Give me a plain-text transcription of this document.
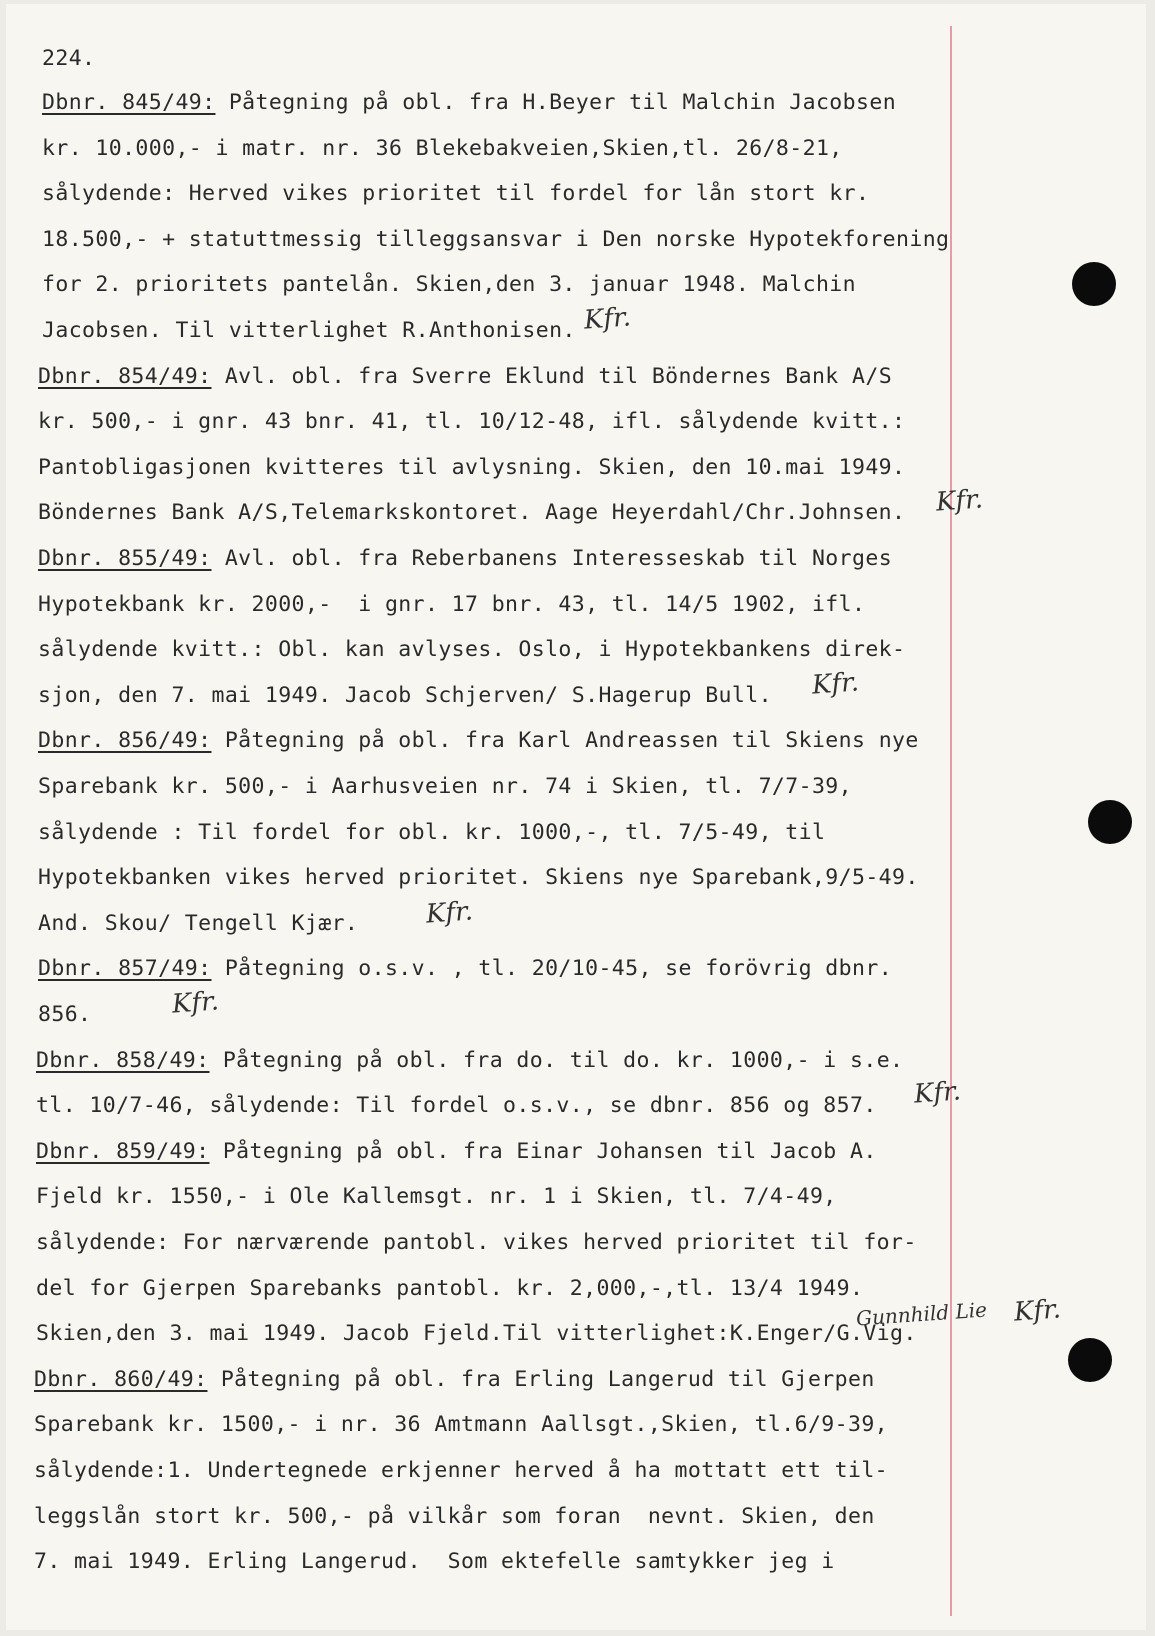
224.
Dbnr. 845/49: Påtegning på obl. fra H.Beyer til Malchin Jacobsen
kr. 10.000,- i matr. nr. 36 Blekebakveien,Skien,tl. 26/8-21,
sålydende: Herved vikes prioritet til fordel for lån stort kr.
18.500,- + statuttmessig tilleggsansvar i Den norske Hypotekforening
for 2. prioritets pantelån. Skien,den 3. januar 1948. Malchin
Jacobsen. Til vitterlighet R.Anthonisen.
Dbnr. 854/49: Avl. obl. fra Sverre Eklund til Böndernes Bank A/S
kr. 500,- i gnr. 43 bnr. 41, tl. 10/12-48, ifl. sålydende kvitt.:
Pantobligasjonen kvitteres til avlysning. Skien, den 10.mai 1949.
Böndernes Bank A/S,Telemarkskontoret. Aage Heyerdahl/Chr.Johnsen.
Dbnr. 855/49: Avl. obl. fra Reberbanens Interesseskab til Norges
Hypotekbank kr. 2000,-  i gnr. 17 bnr. 43, tl. 14/5 1902, ifl.
sålydende kvitt.: Obl. kan avlyses. Oslo, i Hypotekbankens direk-
sjon, den 7. mai 1949. Jacob Schjerven/ S.Hagerup Bull.
Dbnr. 856/49: Påtegning på obl. fra Karl Andreassen til Skiens nye
Sparebank kr. 500,- i Aarhusveien nr. 74 i Skien, tl. 7/7-39,
sålydende : Til fordel for obl. kr. 1000,-, tl. 7/5-49, til
Hypotekbanken vikes herved prioritet. Skiens nye Sparebank,9/5-49.
And. Skou/ Tengell Kjær.
Dbnr. 857/49: Påtegning o.s.v. , tl. 20/10-45, se forövrig dbnr.
856.
Dbnr. 858/49: Påtegning på obl. fra do. til do. kr. 1000,- i s.e.
tl. 10/7-46, sålydende: Til fordel o.s.v., se dbnr. 856 og 857.
Dbnr. 859/49: Påtegning på obl. fra Einar Johansen til Jacob A.
Fjeld kr. 1550,- i Ole Kallemsgt. nr. 1 i Skien, tl. 7/4-49,
sålydende: For nærværende pantobl. vikes herved prioritet til for-
del for Gjerpen Sparebanks pantobl. kr. 2,000,-,tl. 13/4 1949.
Skien,den 3. mai 1949. Jacob Fjeld.Til vitterlighet:K.Enger/G.Vig.
Dbnr. 860/49: Påtegning på obl. fra Erling Langerud til Gjerpen
Sparebank kr. 1500,- i nr. 36 Amtmann Aallsgt.,Skien, tl.6/9-39,
sålydende:1. Undertegnede erkjenner herved å ha mottatt ett til-
leggslån stort kr. 500,- på vilkår som foran  nevnt. Skien, den
7. mai 1949. Erling Langerud.  Som ektefelle samtykker jeg i
Kfr.
Kfr.
Kfr.
Kfr.
Kfr.
Kfr.
Gunnhild Lie Kfr.
